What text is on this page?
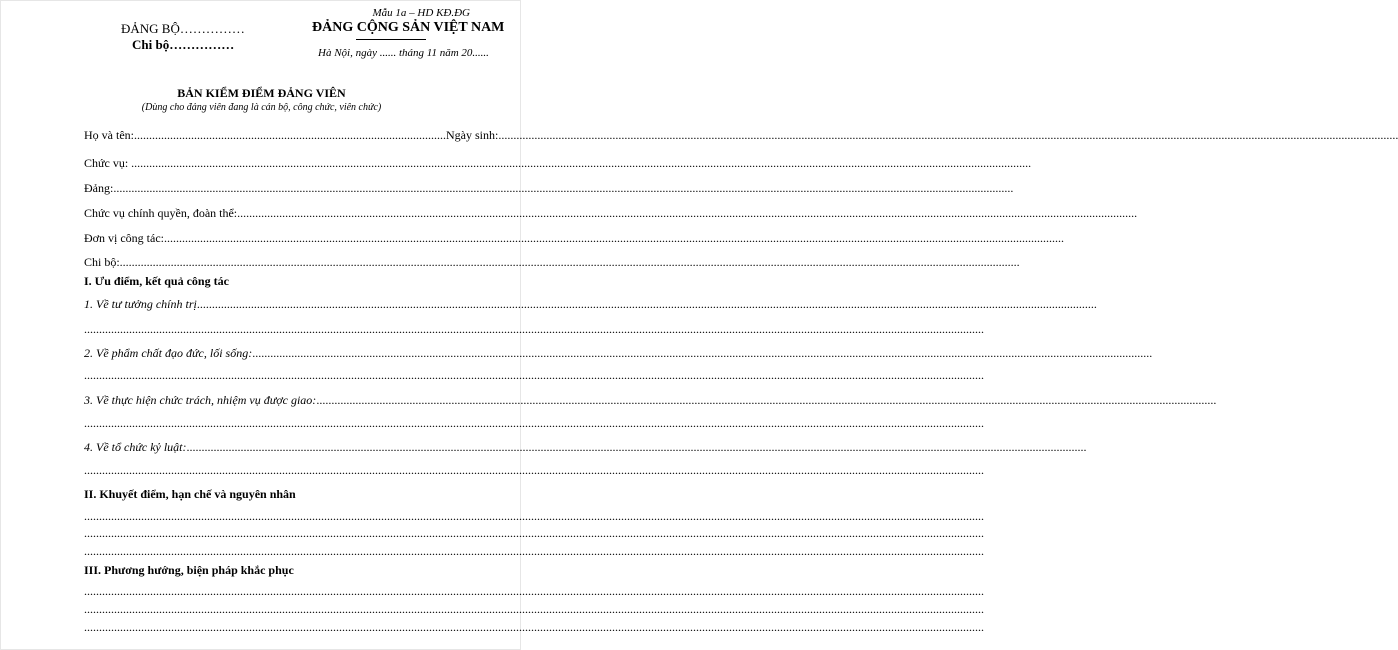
Mẫu 1a – HD KĐ.ĐG
ĐẢNG BỘ……………
Chi bộ……………
ĐẢNG CỘNG SẢN VIỆT NAM
Hà Nội, ngày ...... tháng 11 năm 20......
BẢN KIỂM ĐIỂM ĐẢNG VIÊN
(Dùng cho đảng viên đang là cán bộ, công chức, viên chức)
Họ và tên:........................................................................................................Ngày sinh:............................................................................................................................................................................................................................................................................................................
Chức vụ: ............................................................................................................................................................................................................................................................................................................
Đảng:............................................................................................................................................................................................................................................................................................................
Chức vụ chính quyền, đoàn thể:............................................................................................................................................................................................................................................................................................................
Đơn vị công tác:............................................................................................................................................................................................................................................................................................................
Chi bộ:............................................................................................................................................................................................................................................................................................................
I. Ưu điểm, kết quả công tác
1. Về tư tưởng chính trị............................................................................................................................................................................................................................................................................................................
............................................................................................................................................................................................................................................................................................................
2. Về phẩm chất đạo đức, lối sống:............................................................................................................................................................................................................................................................................................................
............................................................................................................................................................................................................................................................................................................
3. Về thực hiện chức trách, nhiệm vụ được giao:............................................................................................................................................................................................................................................................................................................
............................................................................................................................................................................................................................................................................................................
4. Về tổ chức kỷ luật:............................................................................................................................................................................................................................................................................................................
............................................................................................................................................................................................................................................................................................................
II. Khuyết điểm, hạn chế và nguyên nhân
............................................................................................................................................................................................................................................................................................................
............................................................................................................................................................................................................................................................................................................
............................................................................................................................................................................................................................................................................................................
III. Phương hướng, biện pháp khắc phục
............................................................................................................................................................................................................................................................................................................
............................................................................................................................................................................................................................................................................................................
............................................................................................................................................................................................................................................................................................................
